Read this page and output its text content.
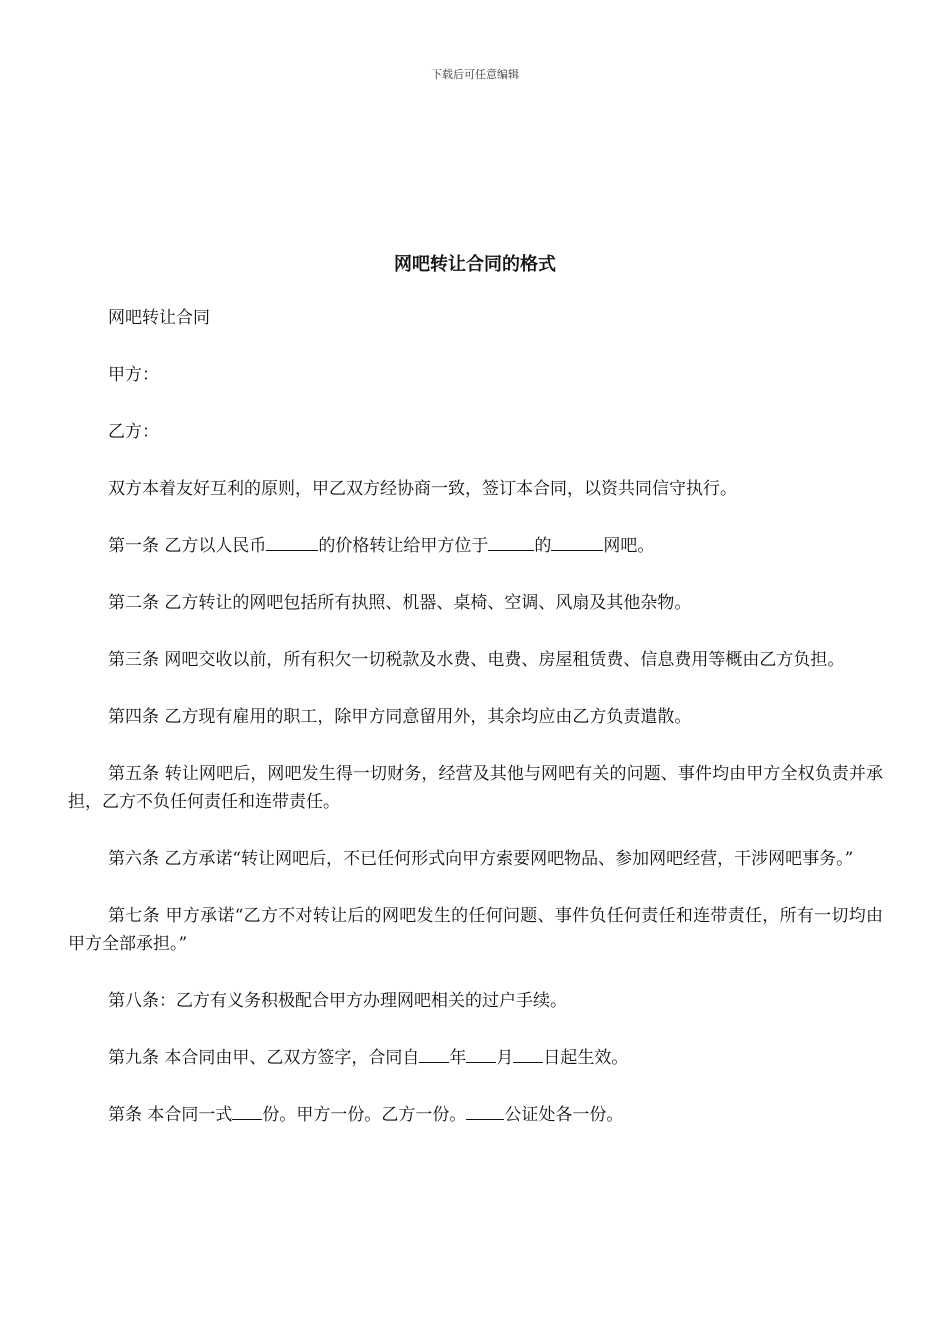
下载后可任意编辑
网吧转让合同的格式

网吧转让合同

甲方：

乙方：

双方本着友好互利的原则，甲乙双方经协商一致，签订本合同，以资共同信守执行。

第一条 乙方以人民币	的价格转让给甲方位于	的	网吧。

第二条 乙方转让的网吧包括所有执照、机器、桌椅、空调、风扇及其他杂物。

第三条 网吧交收以前，所有积欠一切税款及水费、电费、房屋租赁费、信息费用等概由乙方负担。

第四条 乙方现有雇用的职工，除甲方同意留用外，其余均应由乙方负责遣散。

第五条 转让网吧后，网吧发生得一切财务，经营及其他与网吧有关的问题、事件均由甲方全权负责并承担，乙方不负任何责任和连带责任。

第六条 乙方承诺“转让网吧后，不已任何形式向甲方索要网吧物品、参加网吧经营，干涉网吧事务。”

第七条 甲方承诺“乙方不对转让后的网吧发生的任何问题、事件负任何责任和连带责任，所有一切均由甲方全部承担。”

第八条：乙方有义务积极配合甲方办理网吧相关的过户手续。

第九条 本合同由甲、乙双方签字，合同自 年 月 日起生效。

第条 本合同一式 份。甲方一份。乙方一份。 公证处各一份。
